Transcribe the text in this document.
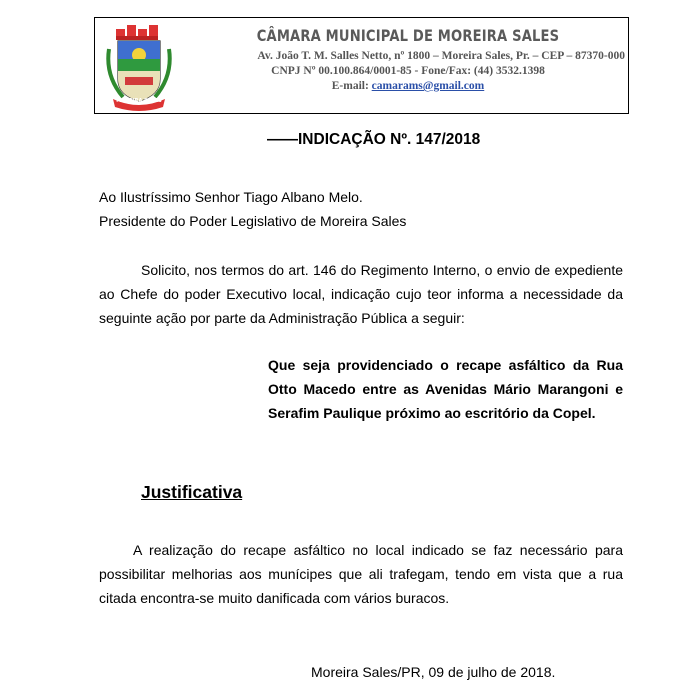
MOREIRA SALES
CÂMARA MUNICIPAL DE MOREIRA SALES
Av. João T. M. Salles Netto, nº 1800 – Moreira Sales, Pr. – CEP – 87370-000
CNPJ Nº 00.100.864/0001-85 - Fone/Fax: (44) 3532.1398
E-mail: camarams@gmail.com
——INDICAÇÃO Nº. 147/2018
Ao Ilustríssimo Senhor Tiago Albano Melo.
Presidente do Poder Legislativo de Moreira Sales
Solicito, nos termos do art. 146 do Regimento Interno, o envio de expediente ao Chefe do poder Executivo local, indicação cujo teor informa a necessidade da seguinte ação por parte da Administração Pública a seguir:
Que seja providenciado o recape asfáltico da Rua Otto Macedo entre as Avenidas Mário Marangoni e Serafim Paulique próximo ao escritório da Copel.
Justificativa
A realização do recape asfáltico no local indicado se faz necessário para possibilitar melhorias aos munícipes que ali trafegam, tendo em vista que a rua citada encontra-se muito danificada com vários buracos.
Moreira Sales/PR, 09 de julho de 2018.
